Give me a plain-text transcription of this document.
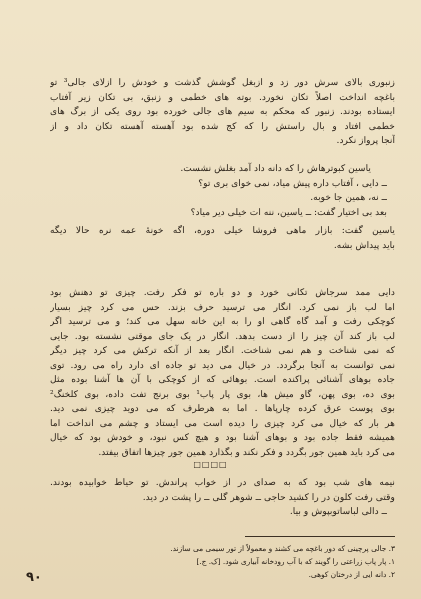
زنبوری بالای سرش دور زد و ازبغل گوشش گذشت و خودش را ازلای جالی³ تو
باغچه انداخت اصلاً تکان نخورد. بوته های خطمی و زنبق، بی تکان زیر آفتاب
ایستاده بودند. زنبور که محکم به سیم های جالی خورده بود روی یکی از برگ های
خطمی افتاد و بال راستش را که کج شده بود آهسته آهسته تکان داد و از
آنجا پرواز نکرد.
یاسین کبوترهاش را که دانه داد آمد بغلش نشست.
ــ دایی ، آفتاب داره پیش میاد، نمی خوای بری تو؟
ــ نه، همین جا خوبه.
بعد بی اختیار گفت: ــ یاسین، ننه ات خیلی دیر میاد؟
یاسین گفت: بازار ماهی فروشا خیلی دوره، اگه خونۀ عمه نره حالا دیگه
باید پیداش بشه.
دایی ممد سرجاش تکانی خورد و دو باره تو فکر رفت. چیزی تو دهنش بود
اما لب باز نمی کرد. انگار می ترسید حرف بزند. حس می کرد چیز بسیار
کوچکی رفت و آمد گاه گاهی او را به این خانه سهل می کند؛ و می ترسید اگر
لب باز کند آن چیز را از دست بدهد. انگار در یک جای موقتی نشسته بود. جایی
که نمی شناخت و هم نمی شناخت. انگار بعد از آنکه ترکش می کرد چیز دیگر
نمی توانست به آنجا برگردد. در خیال می دید تو جاده ای دارد راه می رود. توی
جاده بوهای آشنائی پراکنده است. بوهائی که از کوچکی با آن ها آشنا بوده مثل
بوی ده، بوی پهن، گاو میش ها، بوی پار پاب¹ بوی برنج تفت داده، بوی کلخنگ²
بوی پوست عرق کرده چارپاها . اما به هرطرف که می دوید چیزی نمی دید.
هر بار که خیال می کرد چیزی را دیده است می ایستاد و چشم می انداخت اما
همیشه فقط جاده بود و بوهای آشنا بود و هیچ کس نبود، و خودش بود که خیال
می کرد باید همین جور بگردد و فکر نکند و بگذارد همین جور چیزها اتفاق بیفتد.
□□□□
نیمه های شب بود که به صدای در از خواب پراندش. تو حیاط خوابیده بودند.
وقتی رفت کلون در را کشید حاجی ــ شوهر گلی ــ را پشت در دید.
ــ دالی لباساتوبپوش و بیا.
۳. جالی پرچینی که دور باغچه می کشند و معمولاً از تور سیمی می سازند.
۱. پار پاب زراعتی را گویند که با آب رودخانه آبیاری شود. [ک. ج.]
۲. دانه ایی از درختان کوهی.
۹۰
